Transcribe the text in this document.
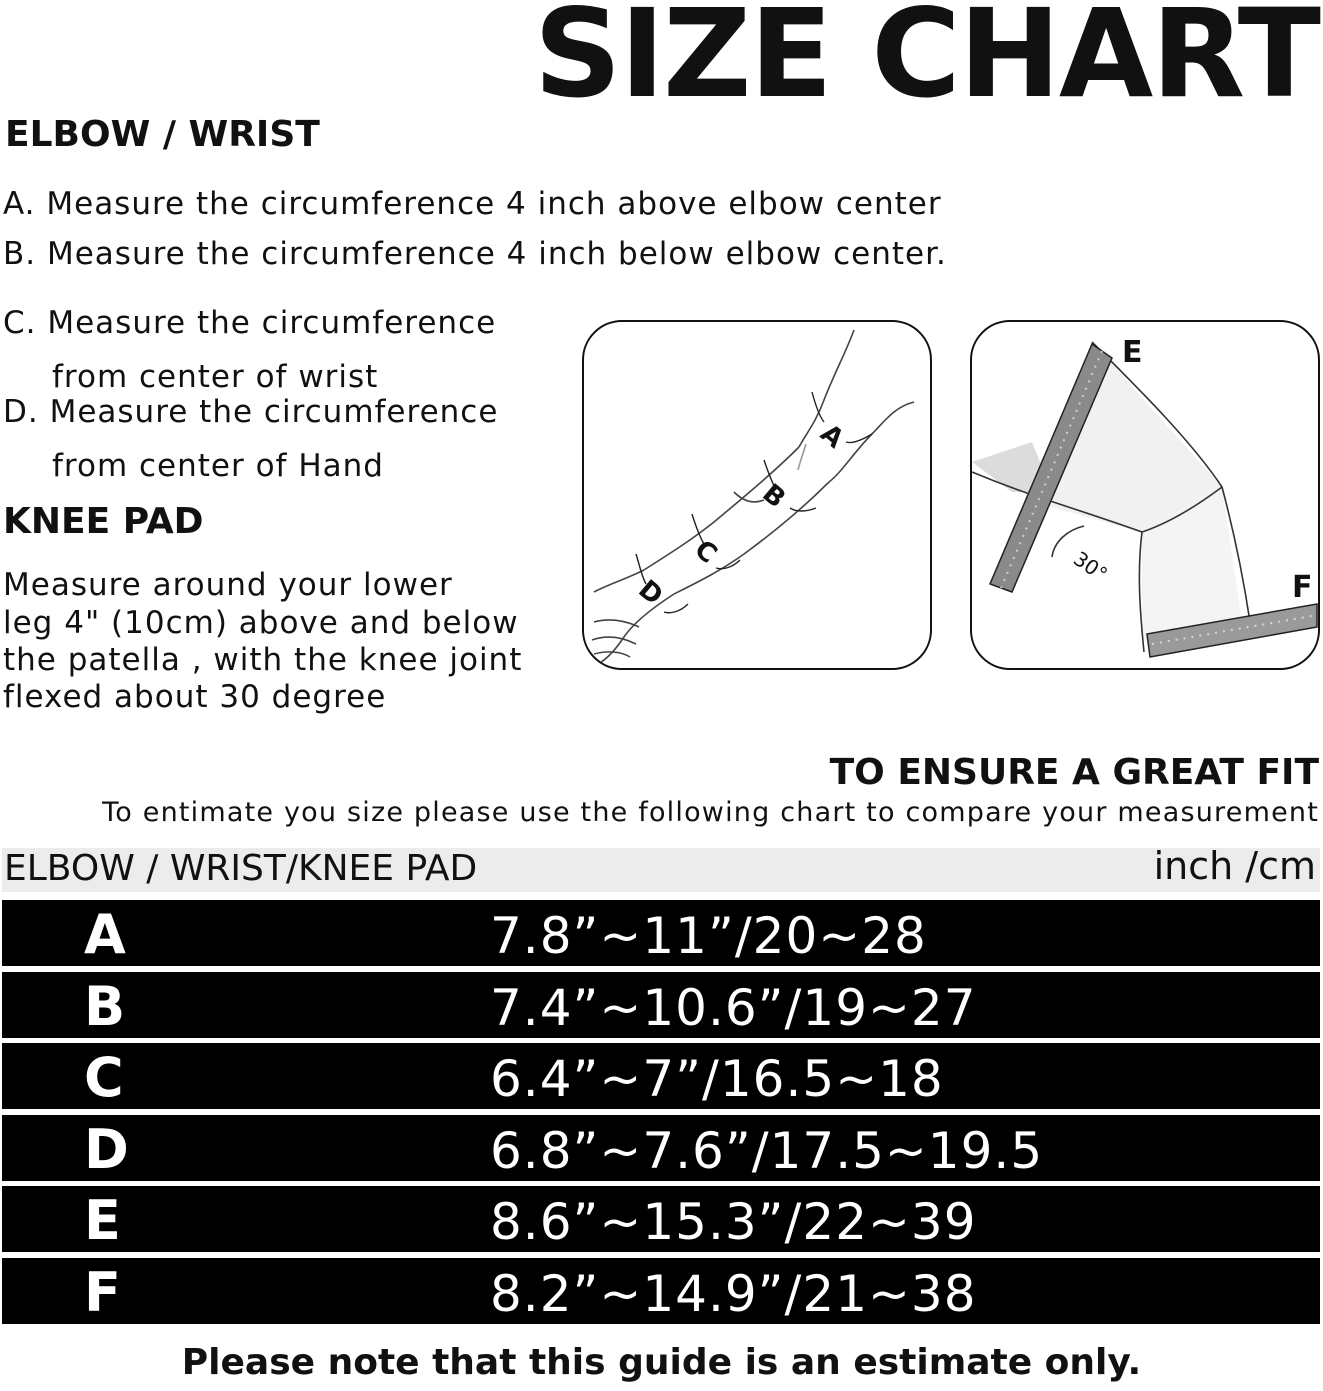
SIZE CHART
ELBOW / WRIST
A. Measure the circumference 4 inch above elbow center
B. Measure the circumference 4 inch below elbow center.
C. Measure the circumference
from center of wrist
D. Measure the circumference
from center of Hand
KNEE PAD
Measure around your lower
leg 4" (10cm) above and below
the patella , with the knee joint
flexed about 30 degree
A
B
C
D
E
F
30°
TO ENSURE A GREAT FIT
To entimate you size please use the following chart to compare your measurement
ELBOW / WRIST/KNEE PAD	inch /cm
A	7.8”~11”/20~28
B	7.4”~10.6”/19~27
C	6.4”~7”/16.5~18
D	6.8”~7.6”/17.5~19.5
E	8.6”~15.3”/22~39
F	8.2”~14.9”/21~38
Please note that this guide is an estimate only.
